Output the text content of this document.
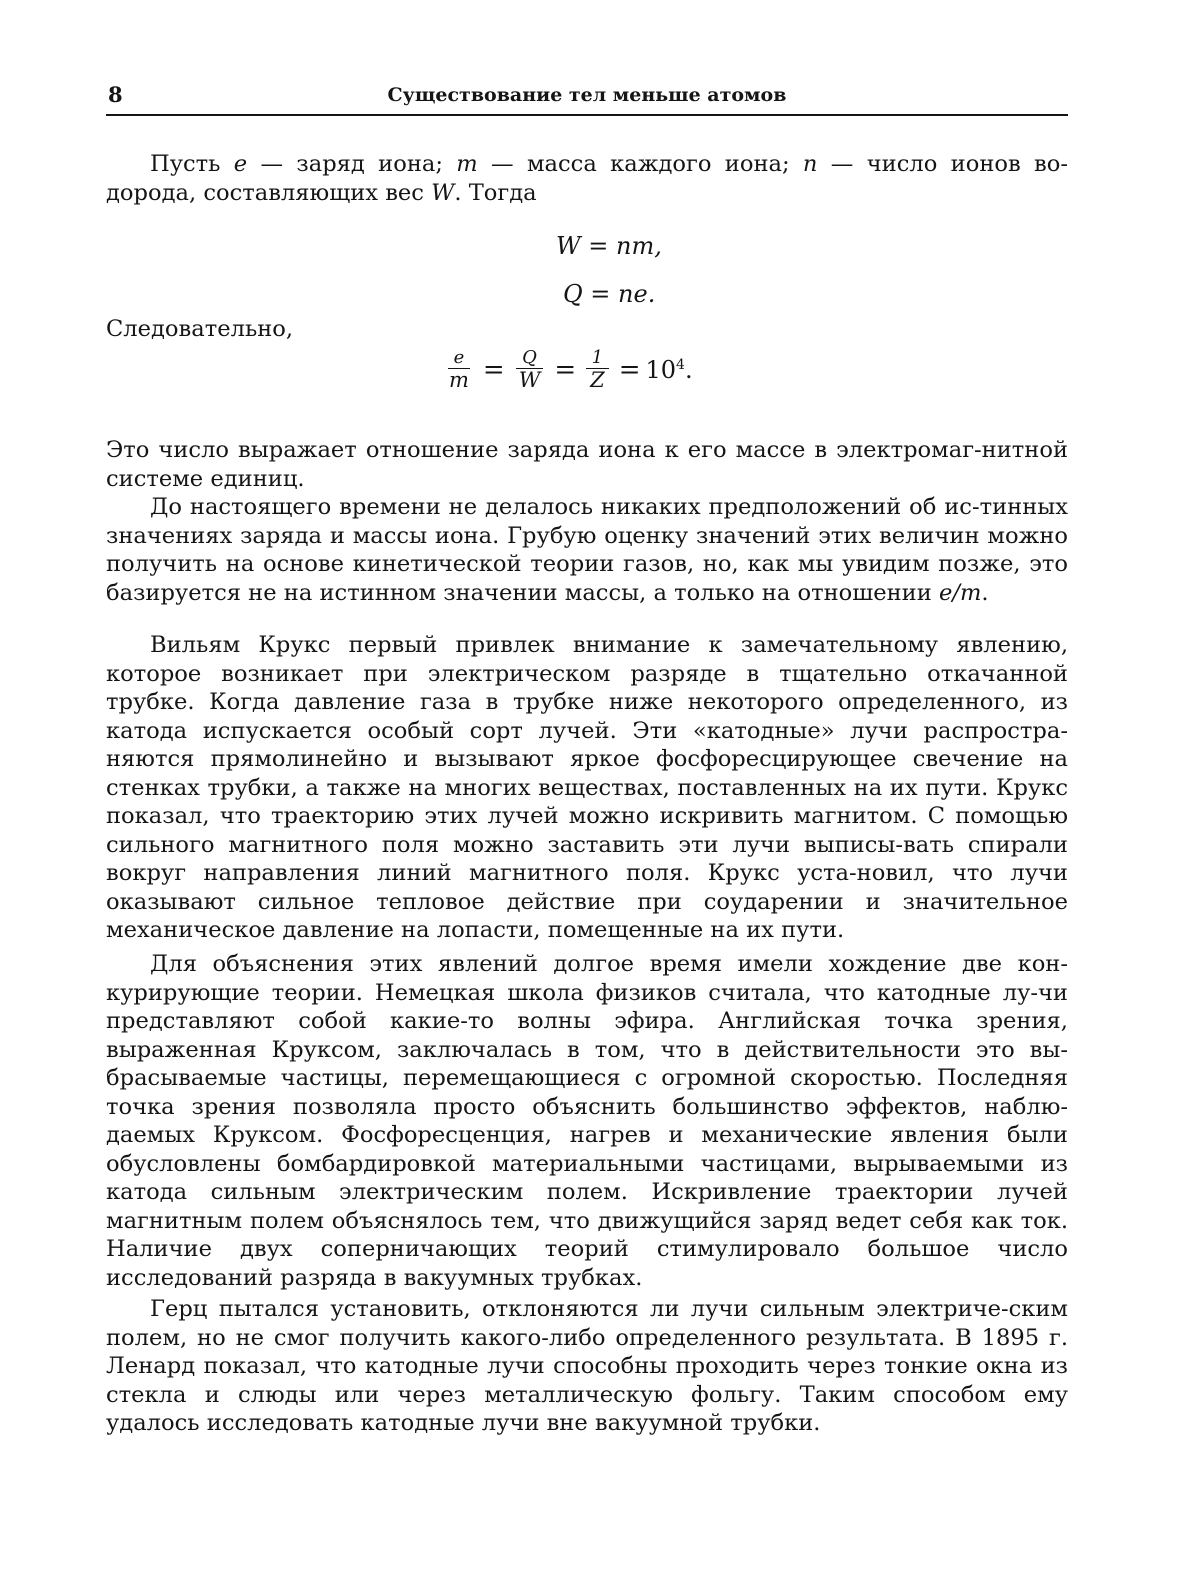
8	Существование тел меньше атомов

Пусть e — заряд иона; m — масса каждого иона; n — число ионов во-дорода, составляющих вес W. Тогда

W = nm,
Q = ne.

Следовательно,

$\frac{e}{m} = \frac{Q}{W} = \frac{1}{Z} = 10^4$.

Это число выражает отношение заряда иона к его массе в электромаг-нитной системе единиц.

До настоящего времени не делалось никаких предположений об ис-тинных значениях заряда и массы иона. Грубую оценку значений этих величин можно получить на основе кинетической теории газов, но, как мы увидим позже, это базируется не на истинном значении массы, а только на отношении e/m.

Вильям Крукс первый привлек внимание к замечательному явлению, которое возникает при электрическом разряде в тщательно откачанной трубке. Когда давление газа в трубке ниже некоторого определенного, из катода испускается особый сорт лучей. Эти «катодные» лучи распростра-няются прямолинейно и вызывают яркое фосфоресцирующее свечение на стенках трубки, а также на многих веществах, поставленных на их пути. Крукс показал, что траекторию этих лучей можно искривить магнитом. С помощью сильного магнитного поля можно заставить эти лучи выписы-вать спирали вокруг направления линий магнитного поля. Крукс уста-новил, что лучи оказывают сильное тепловое действие при соударении и значительное механическое давление на лопасти, помещенные на их пути.

Для объяснения этих явлений долгое время имели хождение две кон-курирующие теории. Немецкая школа физиков считала, что катодные лу-чи представляют собой какие-то волны эфира. Английская точка зрения, выраженная Круксом, заключалась в том, что в действительности это вы-брасываемые частицы, перемещающиеся с огромной скоростью. Последняя точка зрения позволяла просто объяснить большинство эффектов, наблю-даемых Круксом. Фосфоресценция, нагрев и механические явления были обусловлены бомбардировкой материальными частицами, вырываемыми из катода сильным электрическим полем. Искривление траектории лучей магнитным полем объяснялось тем, что движущийся заряд ведет себя как ток. Наличие двух соперничающих теорий стимулировало большое число исследований разряда в вакуумных трубках.

Герц пытался установить, отклоняются ли лучи сильным электриче-ским полем, но не смог получить какого-либо определенного результата. В 1895 г. Ленард показал, что катодные лучи способны проходить через тонкие окна из стекла и слюды или через металлическую фольгу. Таким способом ему удалось исследовать катодные лучи вне вакуумной трубки.
